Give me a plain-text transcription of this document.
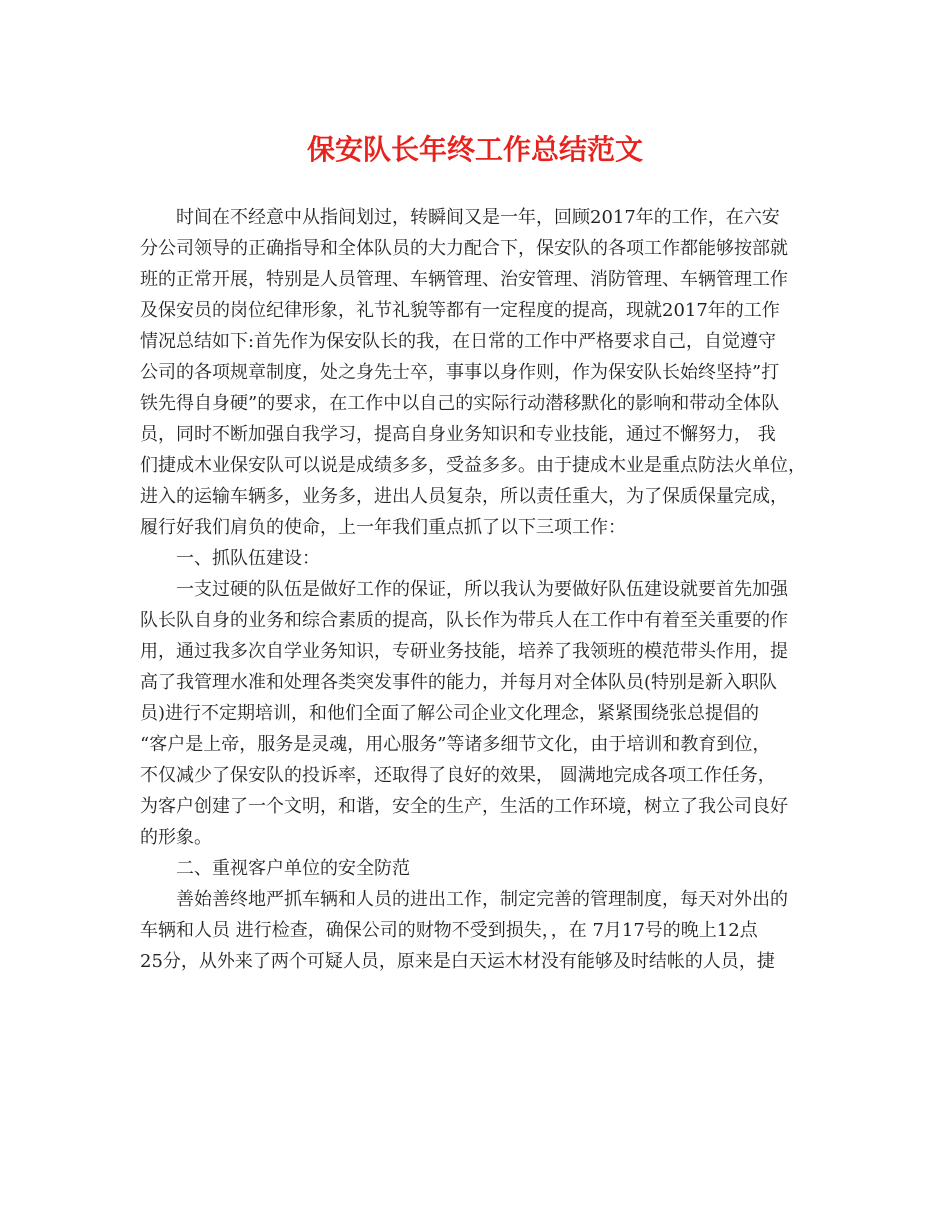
保安队长年终工作总结范文
时间在不经意中从指间划过，转瞬间又是一年，回顾2017年的工作，在六安
分公司领导的正确指导和全体队员的大力配合下，保安队的各项工作都能够按部就
班的正常开展，特别是人员管理、车辆管理、治安管理、消防管理、车辆管理工作
及保安员的岗位纪律形象，礼节礼貌等都有一定程度的提高，现就2017年的工作
情况总结如下:首先作为保安队长的我，在日常的工作中严格要求自己，自觉遵守
公司的各项规章制度，处之身先士卒，事事以身作则，作为保安队长始终坚持”打
铁先得自身硬”的要求，在工作中以自己的实际行动潜移默化的影响和带动全体队
员，同时不断加强自我学习，提高自身业务知识和专业技能，通过不懈努力， 我
们捷成木业保安队可以说是成绩多多，受益多多。由于捷成木业是重点防法火单位，
进入的运输车辆多，业务多，进出人员复杂，所以责任重大，为了保质保量完成，
履行好我们肩负的使命，上一年我们重点抓了以下三项工作：
一、抓队伍建设：
一支过硬的队伍是做好工作的保证，所以我认为要做好队伍建设就要首先加强
队长队自身的业务和综合素质的提高，队长作为带兵人在工作中有着至关重要的作
用，通过我多次自学业务知识，专研业务技能，培养了我领班的模范带头作用，提
高了我管理水准和处理各类突发事件的能力，并每月对全体队员(特别是新入职队
员)进行不定期培训，和他们全面了解公司企业文化理念，紧紧围绕张总提倡的
“客户是上帝，服务是灵魂，用心服务”等诸多细节文化，由于培训和教育到位，
不仅减少了保安队的投诉率，还取得了良好的效果， 圆满地完成各项工作任务，
为客户创建了一个文明，和谐，安全的生产，生活的工作环境，树立了我公司良好
的形象。
二、重视客户单位的安全防范
善始善终地严抓车辆和人员的进出工作，制定完善的管理制度，每天对外出的
车辆和人员 进行检查，确保公司的财物不受到损失，，在 7月17号的晚上12点
25分，从外来了两个可疑人员，原来是白天运木材没有能够及时结帐的人员，捷
